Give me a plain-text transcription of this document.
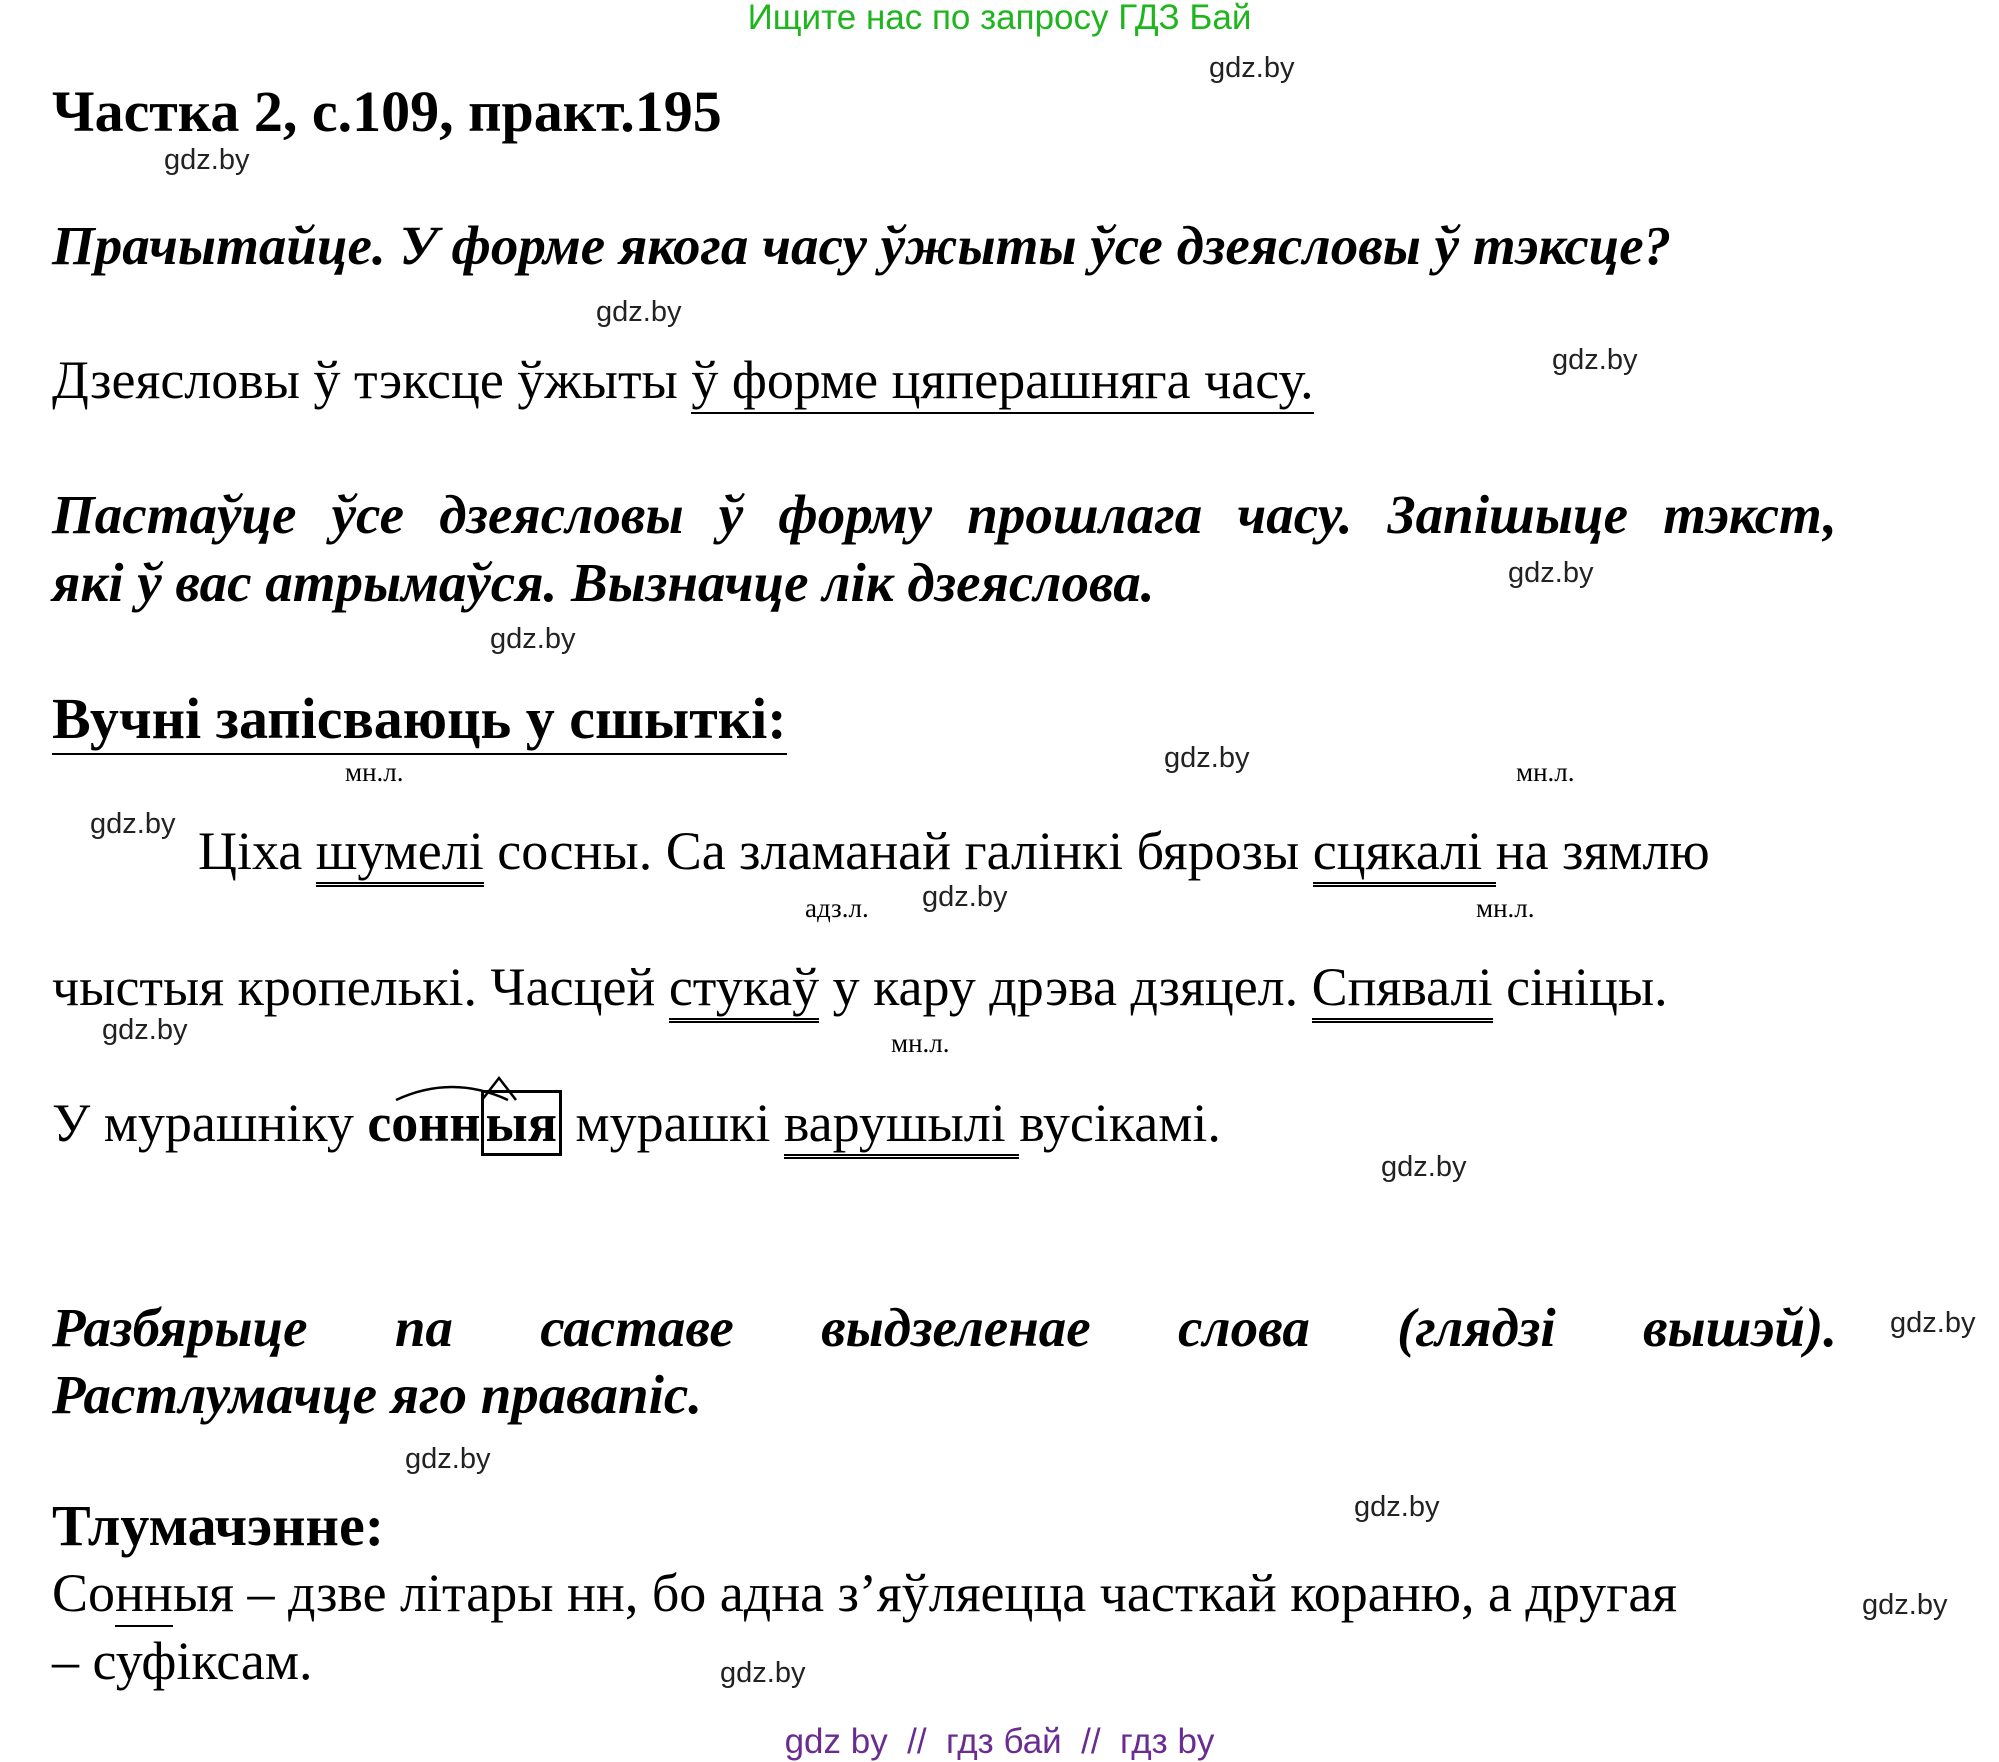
Ищите нас по запросу ГДЗ Бай
gdz.by
gdz.by
gdz.by
gdz.by
gdz.by
gdz.by
gdz.by
gdz.by
gdz.by
gdz.by
gdz.by
gdz.by
gdz.by
gdz.by
gdz.by
gdz.by
Частка 2, с.109, практ.195
Прачытайце. У форме якога часу ўжыты ўсе дзеясловы ў тэксце?
Дзеясловы ў тэксце ўжыты ў форме цяперашняга часу.
Пастаўце ўсе дзеясловы ў форму прошлага часу. Запішыце тэкст,
які ў вас атрымаўся. Вызначце лік дзеяслова.
Вучні запісваюць у сшыткі:
мн.л.	мн.л.
адз.л.	мн.л.
мн.л.
Ціха шумелі сосны. Са зламанай галінкі бярозы сцякалі на зямлю
чыстыя кропелькі. Часцей стукаў у кару дрэва дзяцел. Спявалі сініцы.
У мурашніку сонныя мурашкі варушылі вусікамі.
Разбярыце па саставе выдзеленае слова (глядзі вышэй).
Растлумачце яго правапіс.
Тлумачэнне:
Сонныя – дзве літары нн, бо адна з’яўляецца часткай кораню, а другая
– суфіксам.
gdz by  //  гдз бай  //  гдз by
